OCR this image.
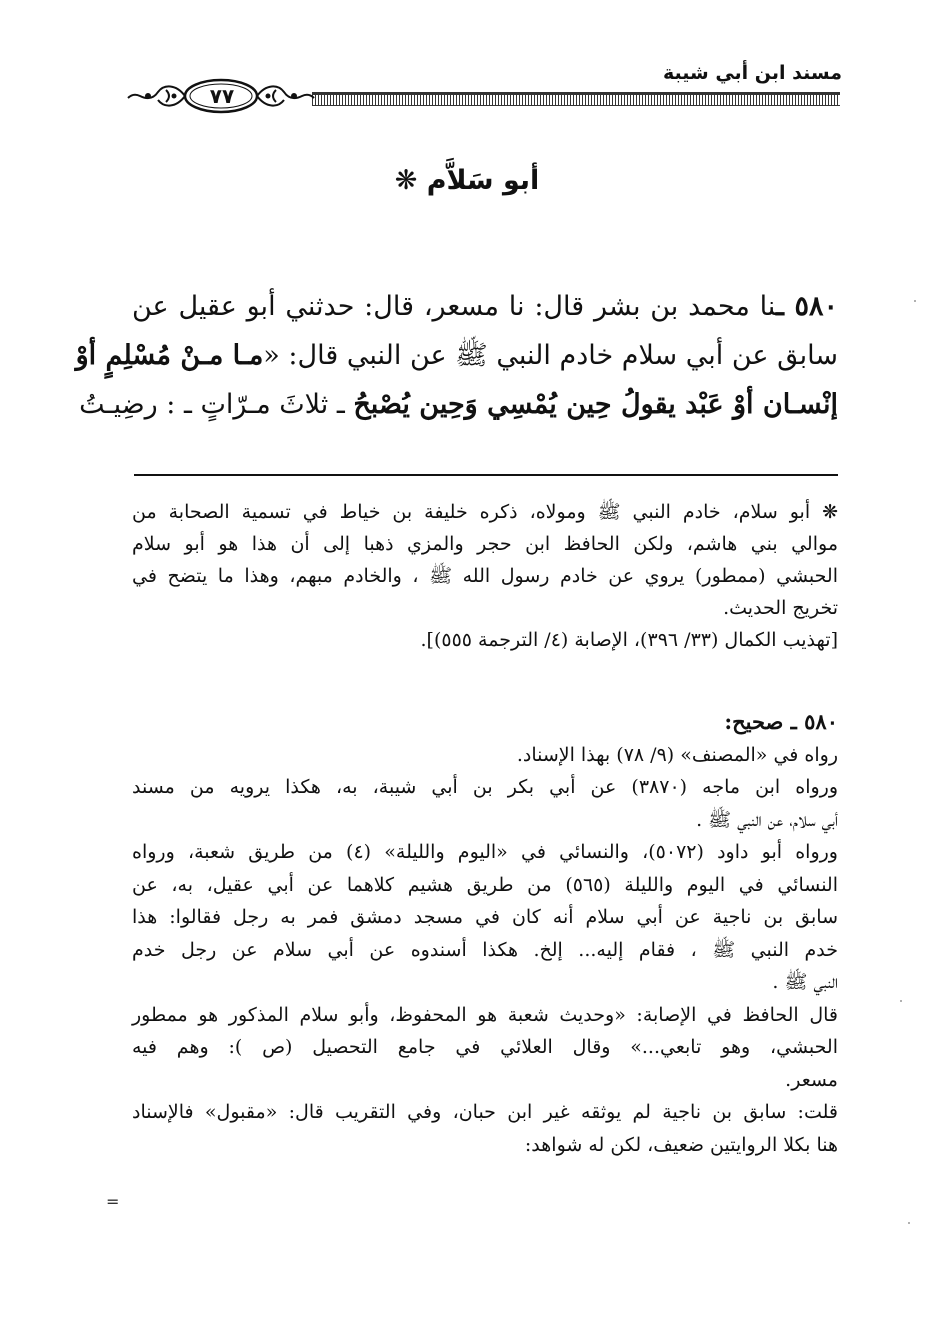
مسند ابن أبي شيبة
٧٧
أبو سَلاَّم ❋
٥٨٠ ـنا محمد بن بشر قال: نا مسعر، قال: حدثني أبو عقيل عن
سابق عن أبي سلام خادم النبي ﷺ عن النبي قال: «مـا مـنْ مُسْلِمٍ أوْ
إنْسـان أوْ عَبْد يقولُ حِين يُمْسِي وَحِين يُصْبحُ ـ ثلاثَ مـرّاتٍ ـ : رضِيـتُ
❋ أبو سلام، خادم النبي ﷺ ومولاه، ذكره خليفة بن خياط في تسمية الصحابة من
موالي بني هاشم، ولكن الحافظ ابن حجر والمزي ذهبا إلى أن هذا هو أبو سلام
الحبشي (ممطور) يروي عن خادم رسول الله ﷺ ، والخادم مبهم، وهذا ما يتضح في
تخريج الحديث.
[تهذيب الكمال (٣٣/ ٣٩٦)، الإصابة (٤/ الترجمة ٥٥٥)].
٥٨٠ ـ صحيح:
رواه في «المصنف» (٩/ ٧٨) بهذا الإسناد.
ورواه ابن ماجه (٣٨٧٠) عن أبي بكر بن أبي شيبة، به، هكذا يرويه من مسند
أبي سلام، عن النبي ﷺ .
ورواه أبو داود (٥٠٧٢)، والنسائي في «اليوم والليلة» (٤) من طريق شعبة، ورواه
النسائي في اليوم والليلة (٥٦٥) من طريق هشيم كلاهما عن أبي عقيل، به، عن
سابق بن ناجية عن أبي سلام أنه كان في مسجد دمشق فمر به رجل فقالوا: هذا
خدم النبي ﷺ ، فقام إليه... إلخ. هكذا أسندوه عن أبي سلام عن رجل خدم
النبي ﷺ .
قال الحافظ في الإصابة: «وحديث شعبة هو المحفوظ، وأبو سلام المذكور هو ممطور
الحبشي، وهو تابعي...» وقال العلائي في جامع التحصيل (ص ): وهم فيه
مسعر.
قلت: سابق بن ناجية لم يوثقه غير ابن حبان، وفي التقريب قال: «مقبول» فالإسناد
هنا بكلا الروايتين ضعيف، لكن له شواهد:
=
